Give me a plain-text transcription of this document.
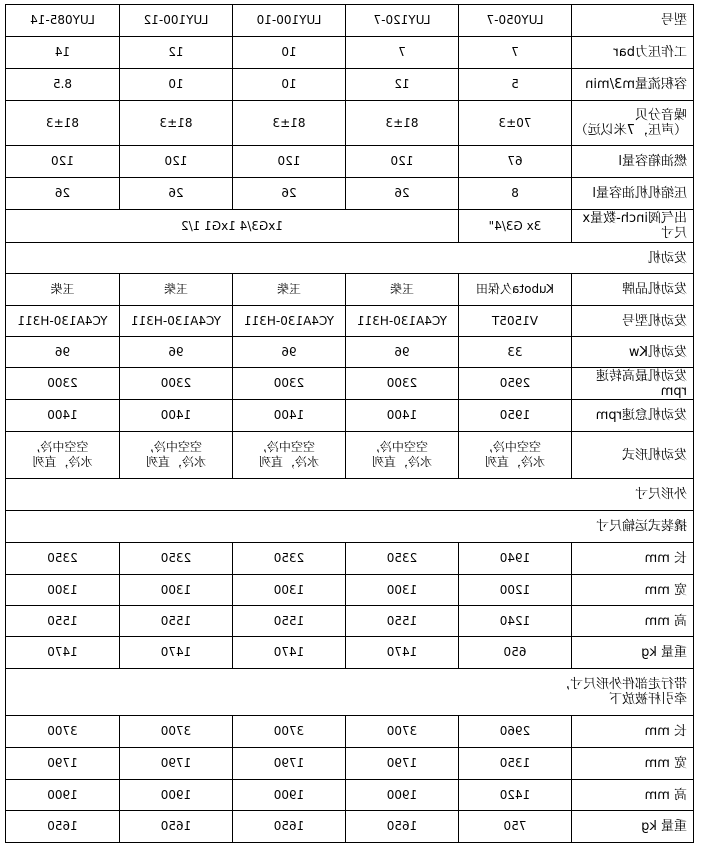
型号	LUY050-7	LUY120-7	LUY100-10	LUY100-12	LUY085-14
工作压力bar	7	7	10	12	14
容积流量m3/min	5	12	10	10	8.5
噪音分贝
（声压，7米以远）	70±3	81±3	81±3	81±3	81±3
燃油箱容量l	67	120	120	120	120
压缩机机油容量l	8	26	26	26	26
出气阀inch-数量x尺寸	3x G3/4"	1xG3/4 1xG1 1/2			
发动机					
发动机品牌	Kubota久保田	玉柴	玉柴	玉柴	玉柴
发动机型号	V1505T	YC4A130-H311	YC4A130-H311	YC4A130-H311	YC4A130-H311
发动机Kw	33	96	96	96	96
发动机最高转速rpm	2950	2300	2300	2300	2300
发动机怠速rpm	1950	1400	1400	1400	1400
发动机形式	空空中冷,
水冷，直列	空空中冷,
水冷，直列	空空中冷,
水冷，直列	空空中冷,
水冷，直列	空空中冷,
水冷，直列
外形尺寸					
撬装式运输尺寸					
长 mm	1940	2350	2350	2350	2350
宽 mm	1200	1300	1300	1300	1300
高 mm	1240	1550	1550	1550	1550
重量 kg	650	1470	1470	1470	1470
带行走部件外形尺寸,
牵引杆被放下					
长 mm	2960	3700	3700	3700	3700
宽 mm	1350	1790	1790	1790	1790
高 mm	1420	1900	1900	1900	1900
重量 kg	750	1650	1650	1650	1650
